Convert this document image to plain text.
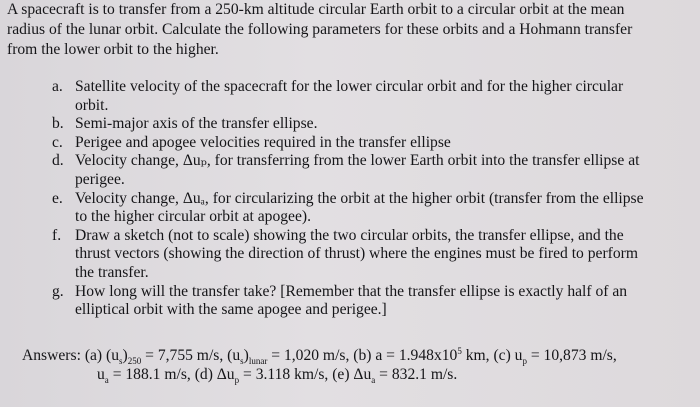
A spacecraft is to transfer from a 250-km altitude circular Earth orbit to a circular orbit at the mean
radius of the lunar orbit. Calculate the following parameters for these orbits and a Hohmann transfer
from the lower orbit to the higher.
a. Satellite velocity of the spacecraft for the lower circular orbit and for the higher circular
orbit.
b. Semi-major axis of the transfer ellipse.
c. Perigee and apogee velocities required in the transfer ellipse
d. Velocity change, Δuₚ, for transferring from the lower Earth orbit into the transfer ellipse at
perigee.
e. Velocity change, Δuₐ, for circularizing the orbit at the higher orbit (transfer from the ellipse
to the higher circular orbit at apogee).
f. Draw a sketch (not to scale) showing the two circular orbits, the transfer ellipse, and the
thrust vectors (showing the direction of thrust) where the engines must be fired to perform
the transfer.
g. How long will the transfer take? [Remember that the transfer ellipse is exactly half of an
elliptical orbit with the same apogee and perigee.]
Answers: (a) $(u_s)_{250} = 7,755$ m/s, $(u_s)_{lunar} = 1,020$ m/s, (b) $a = 1.948x10^5$ km, (c) $u_p = 10,873$ m/s,
$u_a = 188.1$ m/s, (d) $\Delta u_p = 3.118$ km/s, (e) $\Delta u_a = 832.1$ m/s.
